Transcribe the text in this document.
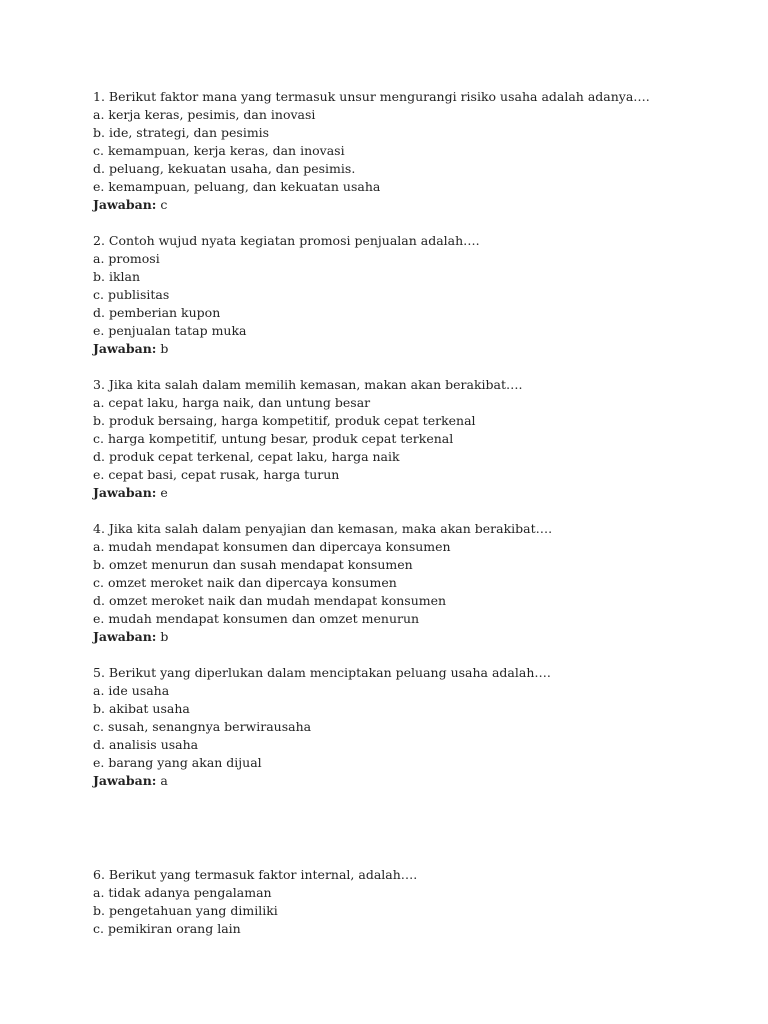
1. Berikut faktor mana yang termasuk unsur mengurangi risiko usaha adalah adanya….
a. kerja keras, pesimis, dan inovasi
b. ide, strategi, dan pesimis
c. kemampuan, kerja keras, dan inovasi
d. peluang, kekuatan usaha, dan pesimis.
e. kemampuan, peluang, dan kekuatan usaha
Jawaban: c
2. Contoh wujud nyata kegiatan promosi penjualan adalah….
a. promosi
b. iklan
c. publisitas
d. pemberian kupon
e. penjualan tatap muka
Jawaban: b
3. Jika kita salah dalam memilih kemasan, makan akan berakibat….
a. cepat laku, harga naik, dan untung besar
b. produk bersaing, harga kompetitif, produk cepat terkenal
c. harga kompetitif, untung besar, produk cepat terkenal
d. produk cepat terkenal, cepat laku, harga naik
e. cepat basi, cepat rusak, harga turun
Jawaban: e
4. Jika kita salah dalam penyajian dan kemasan, maka akan berakibat….
a. mudah mendapat konsumen dan dipercaya konsumen
b. omzet menurun dan susah mendapat konsumen
c. omzet meroket naik dan dipercaya konsumen
d. omzet meroket naik dan mudah mendapat konsumen
e. mudah mendapat konsumen dan omzet menurun
Jawaban: b
5. Berikut yang diperlukan dalam menciptakan peluang usaha adalah….
a. ide usaha
b. akibat usaha
c. susah, senangnya berwirausaha
d. analisis usaha
e. barang yang akan dijual
Jawaban: a
6. Berikut yang termasuk faktor internal, adalah….
a. tidak adanya pengalaman
b. pengetahuan yang dimiliki
c. pemikiran orang lain
